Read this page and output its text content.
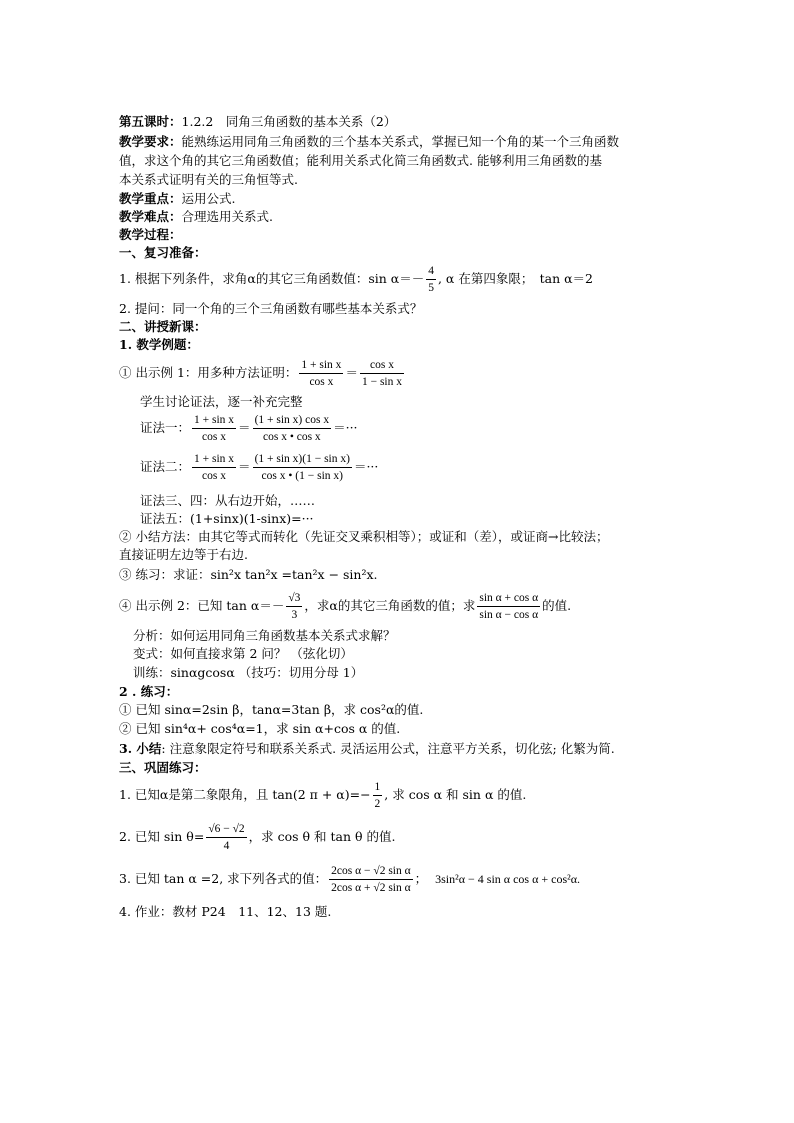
第五课时：1.2.2　同角三角函数的基本关系（2）
教学要求：能熟练运用同角三角函数的三个基本关系式，掌握已知一个角的某一个三角函数
值，求这个角的其它三角函数值；能利用关系式化简三角函数式. 能够利用三角函数的基
本关系式证明有关的三角恒等式.
教学重点：运用公式.
教学难点：合理选用关系式.
教学过程：
一、复习准备：
1. 根据下列条件，求角α的其它三角函数值：$\sin \alpha=- \frac{4}{5}$ , α 在第四象限；　tan α＝2
2. 提问：同一个角的三个三角函数有哪些基本关系式？
二、讲授新课：
1. 教学例题：
① 出示例 1：用多种方法证明： $\frac{\text{1 + sin x}}{\text{cos x}} = \frac{\text{cos x}}{\text{1 − sin x}}$
学生讨论证法，逐一补充完整
证法一： $\frac{\text{1 + sin x}}{\text{cos x}} = \frac{\text{(1 + sin x) cos x}}{\text{cos x • cos x}}$ ＝···
证法二： $\frac{\text{1 + sin x}}{\text{cos x}} = \frac{\text{(1 + sin x)(1 − sin x)}}{\text{cos x • (1 − sin x)}}$ ＝···
证法三、四：从右边开始，……
证法五：(1+sinx)(1-sinx)=···
② 小结方法：由其它等式而转化（先证交叉乘积相等）；或证和（差），或证商→比较法；
直接证明左边等于右边.
③ 练习：求证：sin²x tan²x =tan²x − sin²x.
④ 出示例 2：已知 $\tan \alpha=- \frac{√3}{3}$ ，求α的其它三角函数的值；求 $\frac{\text{sin α + cos α}}{\text{sin α − cos α}}$ 的值.
分析：如何运用同角三角函数基本关系式求解？
变式：如何直接求第 2 问？ （弦化切）
训练：sinαgcosα （技巧：切用分母 1）
2 . 练习：
① 已知 sinα=2sin β，tanα=3tan β，求 cos²α的值.
② 已知 sin⁴α+ cos⁴α=1，求 sin α+cos α 的值.
3. 小结: 注意象限定符号和联系关系式. 灵活运用公式，注意平方关系，切化弦; 化繁为简.
三、巩固练习：
1. 已知α是第二象限角，且 tan(2 $\pi + \alpha)=- \frac{1}{2}$ , 求 cos α 和 sin α 的值.
2. 已知 $\sin \theta= \frac{√6 - √2}{4}$ ，求 cos θ 和 tan θ 的值.
3. 已知 tan α =2, 求下列各式的值： $\frac{\text{2cos α − √2 sin α}}{\text{2cos α + √2 sin α}}$ ； 3sin²α − 4 sin α cos α + cos²α.
4. 作业：教材 P24　11、12、13 题.
